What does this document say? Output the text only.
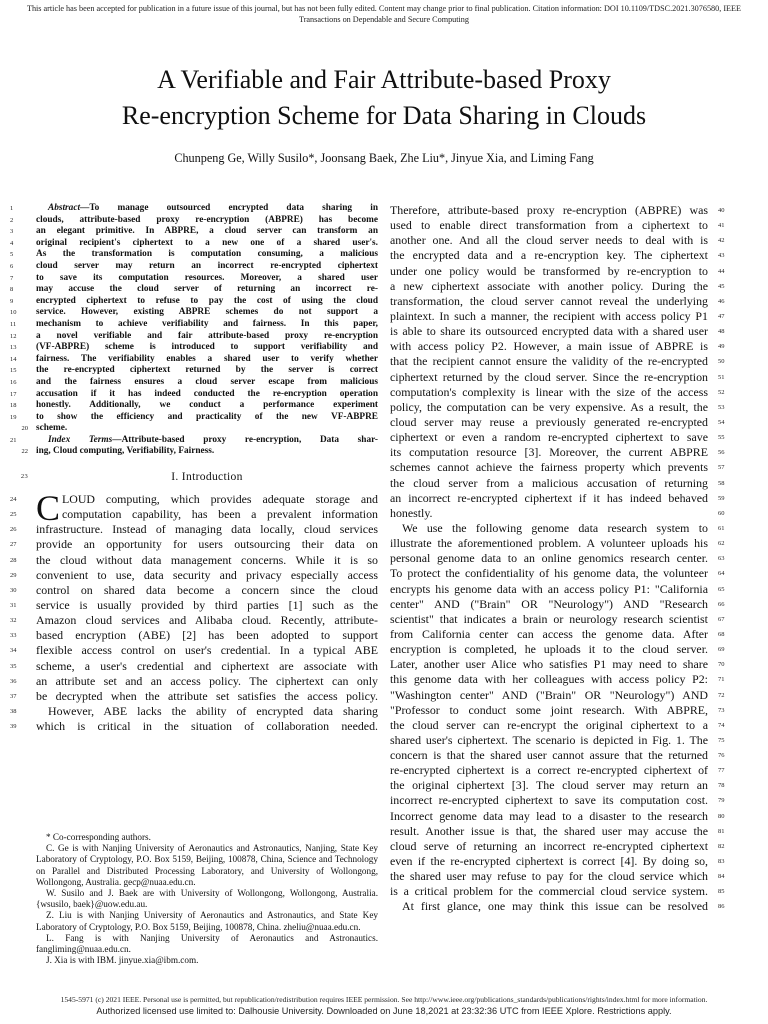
This article has been accepted for publication in a future issue of this journal, but has not been fully edited. Content may change prior to final publication. Citation information: DOI 10.1109/TDSC.2021.3076580, IEEE
Transactions on Dependable and Secure Computing
A Verifiable and Fair Attribute-based Proxy
Re-encryption Scheme for Data Sharing in Clouds
Chunpeng Ge, Willy Susilo*, Joonsang Baek, Zhe Liu*, Jinyue Xia, and Liming Fang
1	Abstract—To manage outsourced encrypted data sharing in
2	clouds, attribute-based proxy re-encryption (ABPRE) has become
3	an elegant primitive. In ABPRE, a cloud server can transform an
4	original recipient's ciphertext to a new one of a shared user's.
5	As the transformation is computation consuming, a malicious
6	cloud server may return an incorrect re-encrypted ciphertext
7	to save its computation resources. Moreover, a shared user
8	may accuse the cloud server of returning an incorrect re-
9	encrypted ciphertext to refuse to pay the cost of using the cloud
10	service. However, existing ABPRE schemes do not support a
11	mechanism to achieve verifiability and fairness. In this paper,
12	a novel verifiable and fair attribute-based proxy re-encryption
13	(VF-ABPRE) scheme is introduced to support verifiability and
14	fairness. The verifiability enables a shared user to verify whether
15	the re-encrypted ciphertext returned by the server is correct
16	and the fairness ensures a cloud server escape from malicious
17	accusation if it has indeed conducted the re-encryption operation
18	honestly. Additionally, we conduct a performance experiment
19	to show the efficiency and practicality of the new VF-ABPRE
20 scheme.
21	Index Terms—Attribute-based proxy re-encryption, Data shar-
22 ing, Cloud computing, Verifiability, Fairness.
23	I. Introduction
C
24	LOUD computing, which provides adequate storage and
25	computation capability, has been a prevalent information
26	infrastructure. Instead of managing data locally, cloud services
27	provide an opportunity for users outsourcing their data on
28	the cloud without data management concerns. While it is so
29	convenient to use, data security and privacy especially access
30	control on shared data become a concern since the cloud
31	service is usually provided by third parties [1] such as the
32	Amazon cloud services and Alibaba cloud. Recently, attribute-
33	based encryption (ABE) [2] has been adopted to support
34	flexible access control on user's credential. In a typical ABE
35	scheme, a user's credential and ciphertext are associate with
36	an attribute set and an access policy. The ciphertext can only
37	be decrypted when the attribute set satisfies the access policy.
38	However, ABE lacks the ability of encrypted data sharing
39	which is critical in the situation of collaboration needed.

* Co-corresponding authors.

C. Ge is with Nanjing University of Aeronautics and Astronautics, Nanjing, State Key Laboratory of Cryptology, P.O. Box 5159, Beijing, 100878, China, Science and Technology on Parallel and Distributed Processing Laboratory, and University of Wollongong, Wollongong, Australia. gecp@nuaa.edu.cn.

W. Susilo and J. Baek are with University of Wollongong, Wollongong, Australia. {wsusilo, baek}@uow.edu.au.

Z. Liu is with Nanjing University of Aeronautics and Astronautics, and State Key Laboratory of Cryptology, P.O. Box 5159, Beijing, 100878, China. zheliu@nuaa.edu.cn.

L. Fang is with Nanjing University of Aeronautics and Astronautics. fangliming@nuaa.edu.cn.

J. Xia is with IBM. jinyue.xia@ibm.com.

40
Therefore, attribute-based proxy re-encryption (ABPRE) was
41
used to enable direct transformation from a ciphertext to
42
another one. And all the cloud server needs to deal with is
43
the encrypted data and a re-encryption key. The ciphertext
44
under one policy would be transformed by re-encryption to
45
a new ciphertext associate with another policy. During the
46
transformation, the cloud server cannot reveal the underlying
47
plaintext. In such a manner, the recipient with access policy P1
48
is able to share its outsourced encrypted data with a shared user
49
with access policy P2. However, a main issue of ABPRE is
50
that the recipient cannot ensure the validity of the re-encrypted
51
ciphertext returned by the cloud server. Since the re-encryption
52
computation's complexity is linear with the size of the access
53
policy, the computation can be very expensive. As a result, the
54
cloud server may reuse a previously generated re-encrypted
55
ciphertext or even a random re-encrypted ciphertext to save
56
its computation resource [3]. Moreover, the current ABPRE
57
schemes cannot achieve the fairness property which prevents
58
the cloud server from a malicious accusation of returning
59
an incorrect re-encrypted ciphertext if it has indeed behaved
60
honestly.
61
We use the following genome data research system to
62
illustrate the aforementioned problem. A volunteer uploads his
63
personal genome data to an online genomics research center.
64
To protect the confidentiality of his genome data, the volunteer
65
encrypts his genome data with an access policy P1: "California
66
center" AND ("Brain" OR "Neurology") AND "Research
67
scientist" that indicates a brain or neurology research scientist
68
from California center can access the genome data. After
69
encryption is completed, he uploads it to the cloud server.
70
Later, another user Alice who satisfies P1 may need to share
71
this genome data with her colleagues with access policy P2:
72
"Washington center" AND ("Brain" OR "Neurology") AND
73
"Professor to conduct some joint research. With ABPRE,
74
the cloud server can re-encrypt the original ciphertext to a
75
shared user's ciphertext. The scenario is depicted in Fig. 1. The
76
concern is that the shared user cannot assure that the returned
77
re-encrypted ciphertext is a correct re-encrypted ciphertext of
78
the original ciphertext [3]. The cloud server may return an
79
incorrect re-encrypted ciphertext to save its computation cost.
80
Incorrect genome data may lead to a disaster to the research
81
result. Another issue is that, the shared user may accuse the
82
cloud serve of returning an incorrect re-encrypted ciphertext
83
even if the re-encrypted ciphertext is correct [4]. By doing so,
84
the shared user may refuse to pay for the cloud service which
85
is a critical problem for the commercial cloud service system.
86
At first glance, one may think this issue can be resolved
1545-5971 (c) 2021 IEEE. Personal use is permitted, but republication/redistribution requires IEEE permission. See http://www.ieee.org/publications_standards/publications/rights/index.html for more information.
Authorized licensed use limited to: Dalhousie University. Downloaded on June 18,2021 at 23:32:36 UTC from IEEE Xplore. Restrictions apply.
